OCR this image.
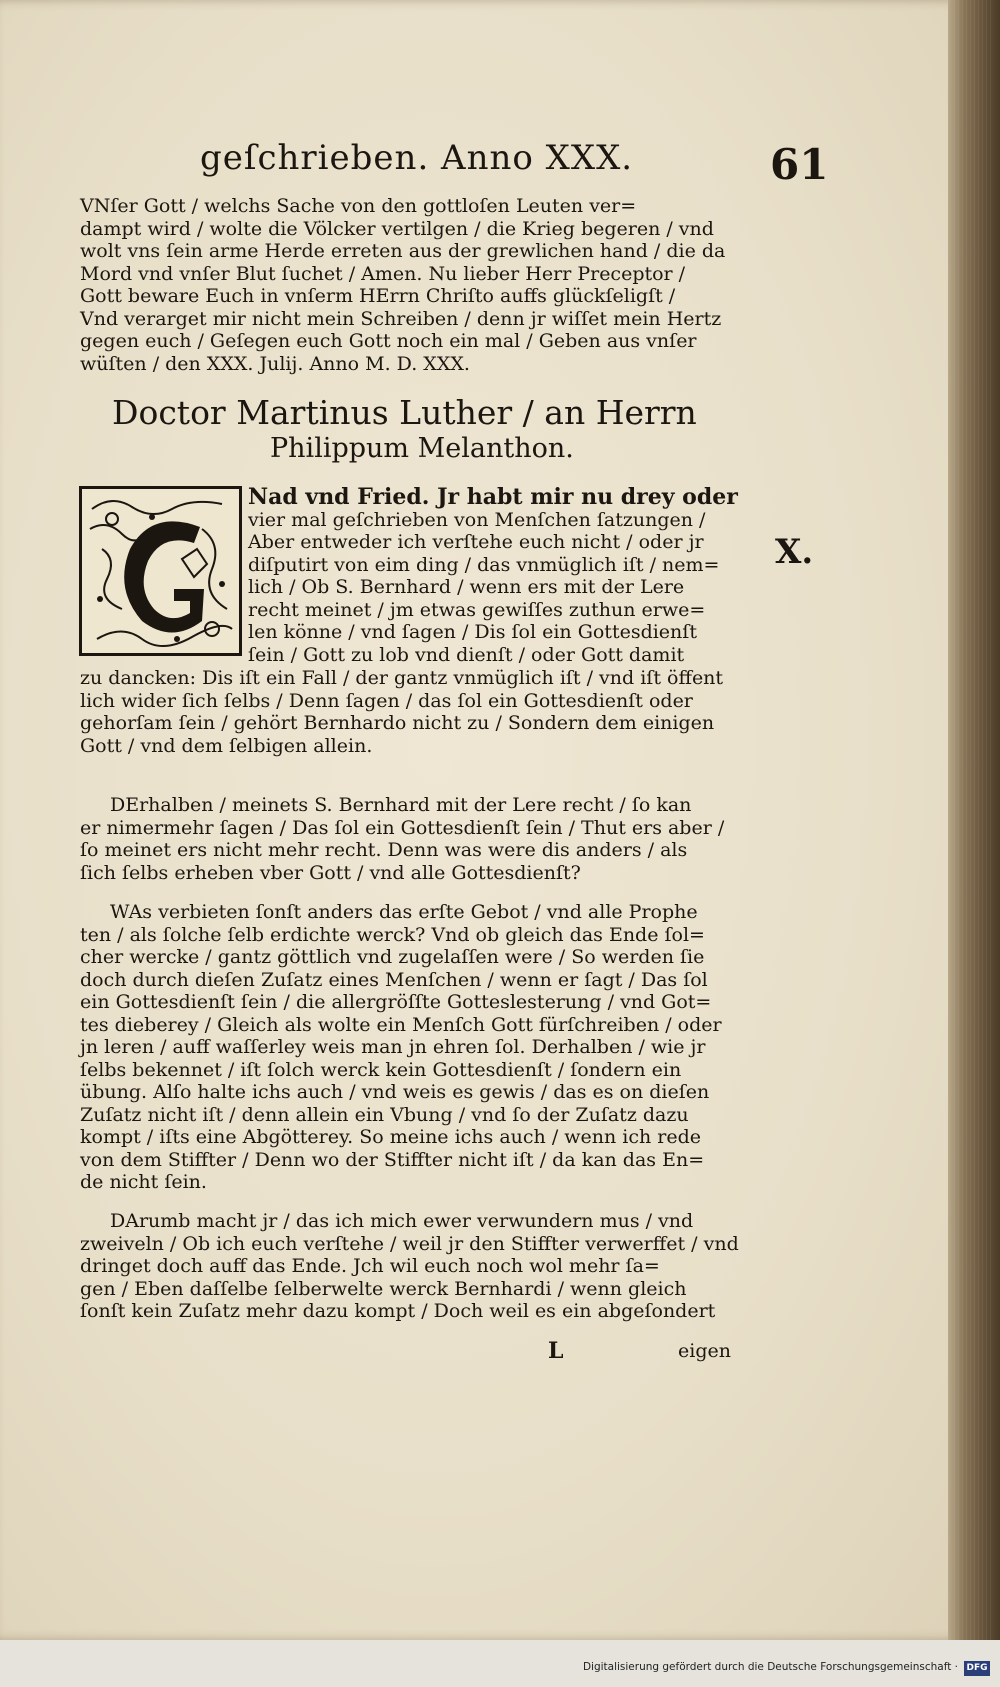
geſchrieben. Anno XXX.	61
VNſer Gott / welchs Sache von den gottloſen Leuten ver=
dampt wird / wolte die Völcker vertilgen / die Krieg begeren / vnd
wolt vns ſein arme Herde erreten aus der grewlichen hand / die da
Mord vnd vnſer Blut ſuchet / Amen. Nu lieber Herr Preceptor /
Gott beware Euch in vnſerm HErrn Chriſto auffs glückſeligſt /
Vnd verarget mir nicht mein Schreiben / denn jr wiſſet mein Hertz
gegen euch / Geſegen euch Gott noch ein mal / Geben aus vnſer
wüſten / den XXX. Julij. Anno M. D. XXX.
Doctor Martinus Luther / an Herrn
Philippum Melanthon.
X.
Nad vnd Fried. Jr habt mir nu drey oder
vier mal geſchrieben von Menſchen ſatzungen /
Aber entweder ich verſtehe euch nicht / oder jr
diſputirt von eim ding / das vnmüglich iſt / nem=
lich / Ob S. Bernhard / wenn ers mit der Lere
recht meinet / jm etwas gewiſſes zuthun erwe=
len könne / vnd ſagen / Dis ſol ein Gottesdienſt
ſein / Gott zu lob vnd dienſt / oder Gott damit
zu dancken: Dis iſt ein Fall / der gantz vnmüglich iſt / vnd iſt öffent
lich wider ſich ſelbs / Denn ſagen / das ſol ein Gottesdienſt oder
gehorſam ſein / gehört Bernhardo nicht zu / Sondern dem einigen
Gott / vnd dem ſelbigen allein.
DErhalben / meinets S. Bernhard mit der Lere recht / ſo kan
er nimermehr ſagen / Das ſol ein Gottesdienſt ſein / Thut ers aber /
ſo meinet ers nicht mehr recht. Denn was were dis anders / als
ſich ſelbs erheben vber Gott / vnd alle Gottesdienſt?
WAs verbieten ſonſt anders das erſte Gebot / vnd alle Prophe
ten / als ſolche ſelb erdichte werck? Vnd ob gleich das Ende ſol=
cher wercke / gantz göttlich vnd zugelaſſen were / So werden ſie
doch durch dieſen Zuſatz eines Menſchen / wenn er ſagt / Das ſol
ein Gottesdienſt ſein / die allergröſſte Gotteslesterung / vnd Got=
tes dieberey / Gleich als wolte ein Menſch Gott fürſchreiben / oder
jn leren / auff waſſerley weis man jn ehren ſol. Derhalben / wie jr
ſelbs bekennet / iſt ſolch werck kein Gottesdienſt / ſondern ein
übung. Alſo halte ichs auch / vnd weis es gewis / das es on dieſen
Zuſatz nicht iſt / denn allein ein Vbung / vnd ſo der Zuſatz dazu
kompt / iſts eine Abgötterey. So meine ichs auch / wenn ich rede
von dem Stiffter / Denn wo der Stiffter nicht iſt / da kan das En=
de nicht ſein.
DArumb macht jr / das ich mich ewer verwundern mus / vnd
zweiveln / Ob ich euch verſtehe / weil jr den Stiffter verwerffet / vnd
dringet doch auff das Ende. Jch wil euch noch wol mehr ſa=
gen / Eben daſſelbe ſelberwelte werck Bernhardi / wenn gleich
ſonſt kein Zuſatz mehr dazu kompt / Doch weil es ein abgeſondert
L	eigen
Digitalisierung gefördert durch die Deutsche Forschungsgemeinschaft · DFG
